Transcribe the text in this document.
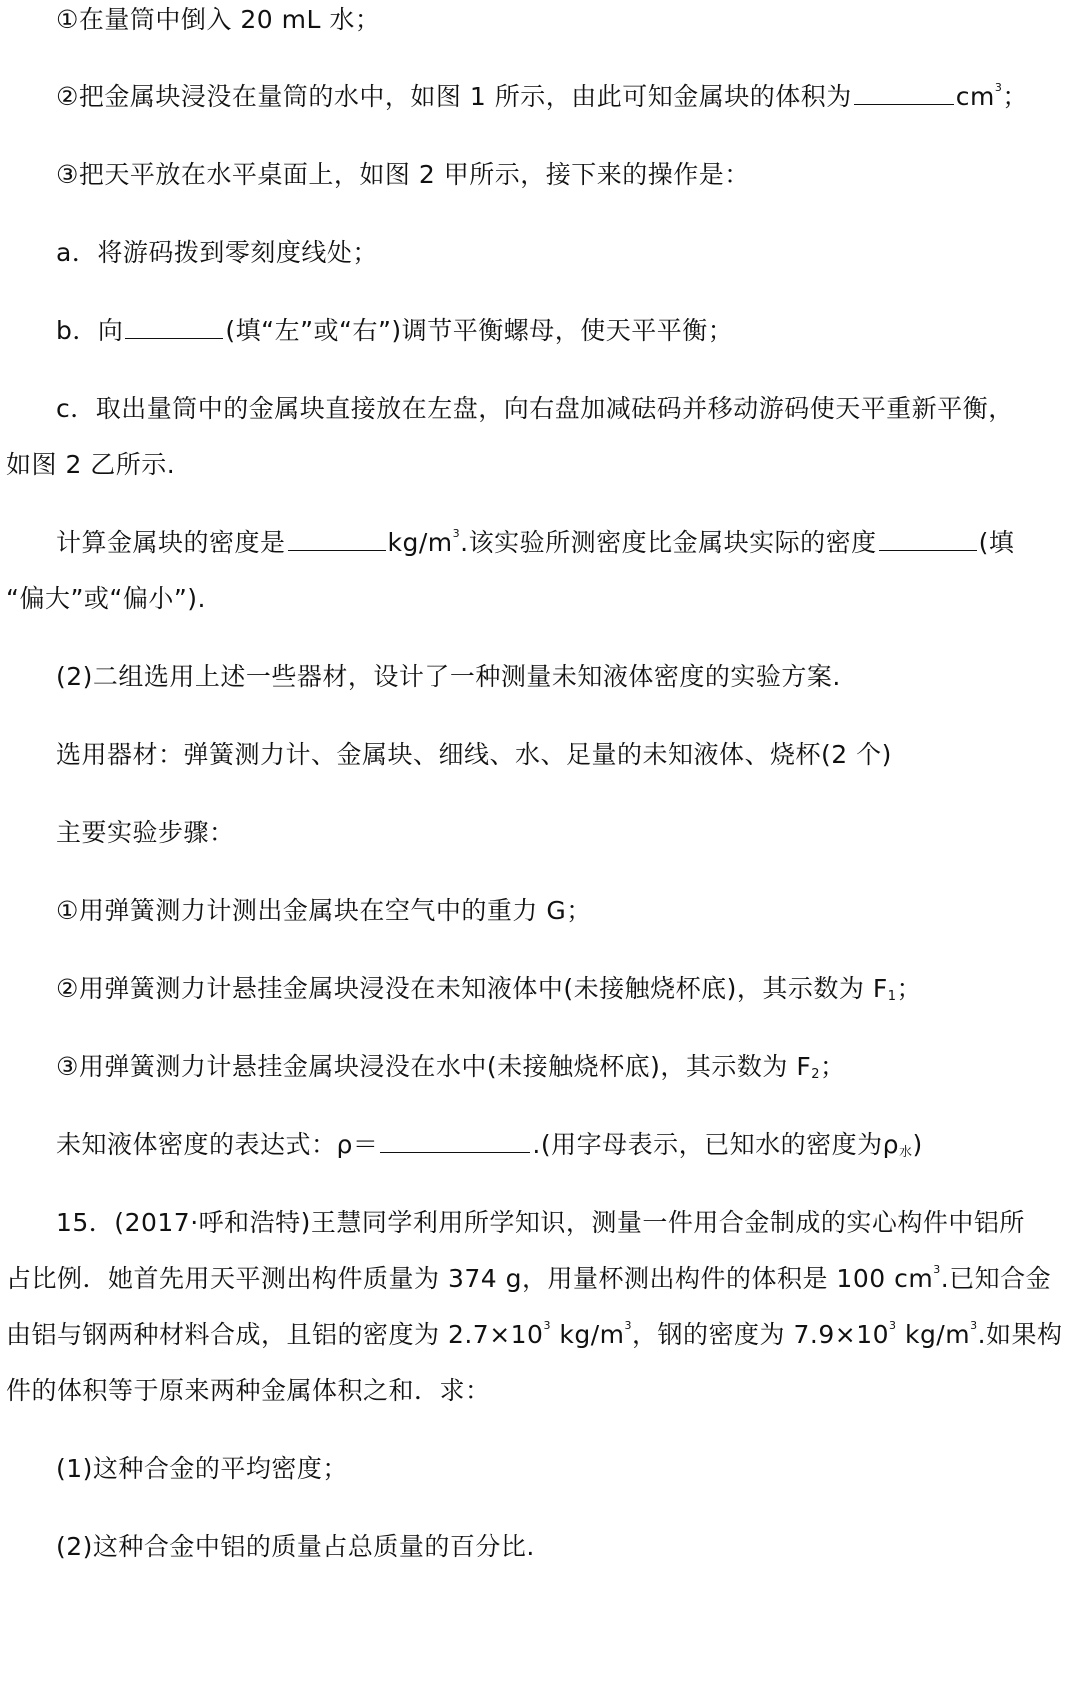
①在量筒中倒入 20 mL 水；
②把金属块浸没在量筒的水中，如图 1 所示，由此可知金属块的体积为	$cm^3$；
③把天平放在水平桌面上，如图 2 甲所示，接下来的操作是：
a．将游码拨到零刻度线处；
b．向	(填“左”或“右”)调节平衡螺母，使天平平衡；
c．取出量筒中的金属块直接放在左盘，向右盘加减砝码并移动游码使天平重新平衡，
如图 2 乙所示.
计算金属块的密度是	$kg/m^3$.该实验所测密度比金属块实际的密度	(填
“偏大”或“偏小”).
(2)二组选用上述一些器材，设计了一种测量未知液体密度的实验方案.
选用器材：弹簧测力计、金属块、细线、水、足量的未知液体、烧杯(2 个)
主要实验步骤：
①用弹簧测力计测出金属块在空气中的重力 G；
②用弹簧测力计悬挂金属块浸没在未知液体中(未接触烧杯底)，其示数为 $F_1$；
③用弹簧测力计悬挂金属块浸没在水中(未接触烧杯底)，其示数为 $F_2$；
未知液体密度的表达式：ρ＝	.(用字母表示，已知水的密度为$\rho_水$)
15．(2017·呼和浩特)王慧同学利用所学知识，测量一件用合金制成的实心构件中铝所
占比例．她首先用天平测出构件质量为 374 g，用量杯测出构件的体积是 100 $cm^3$.已知合金
由铝与钢两种材料合成，且铝的密度为 $2.7\times 10^3$ $kg/m^3$，钢的密度为 $7.9\times 10^3$ $kg/m^3$.如果构
件的体积等于原来两种金属体积之和．求：
(1)这种合金的平均密度；
(2)这种合金中铝的质量占总质量的百分比.
